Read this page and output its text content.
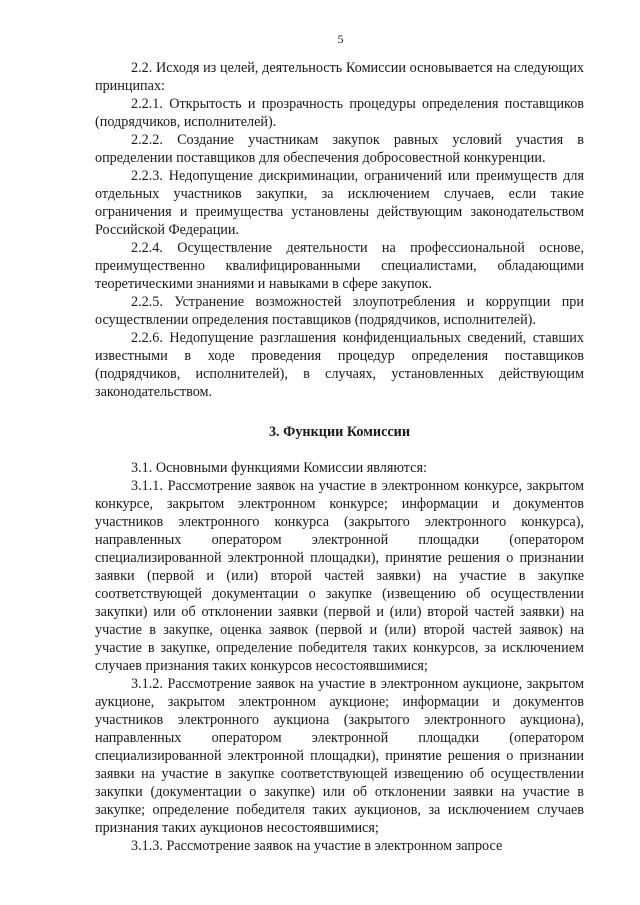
5

2.2. Исходя из целей, деятельность Комиссии основывается на следующих принципах:

2.2.1. Открытость и прозрачность процедуры определения поставщиков (подрядчиков, исполнителей).

2.2.2. Создание участникам закупок равных условий участия в определении поставщиков для обеспечения добросовестной конкуренции.

2.2.3. Недопущение дискриминации, ограничений или преимуществ для отдельных участников закупки, за исключением случаев, если такие ограничения и преимущества установлены действующим законодательством Российской Федерации.

2.2.4. Осуществление деятельности на профессиональной основе, преимущественно квалифицированными специалистами, обладающими теоретическими знаниями и навыками в сфере закупок.

2.2.5. Устранение возможностей злоупотребления и коррупции при осуществлении определения поставщиков (подрядчиков, исполнителей).

2.2.6. Недопущение разглашения конфиденциальных сведений, ставших известными в ходе проведения процедур определения поставщиков (подрядчиков, исполнителей), в случаях, установленных действующим законодательством.

3. Функции Комиссии

3.1. Основными функциями Комиссии являются:

3.1.1. Рассмотрение заявок на участие в электронном конкурсе, закрытом конкурсе, закрытом электронном конкурсе; информации и документов участников электронного конкурса (закрытого электронного конкурса), направленных оператором электронной площадки (оператором специализированной электронной площадки), принятие решения о признании заявки (первой и (или) второй частей заявки) на участие в закупке соответствующей документации о закупке (извещению об осуществлении закупки) или об отклонении заявки (первой и (или) второй частей заявки) на участие в закупке, оценка заявок (первой и (или) второй частей заявок) на участие в закупке, определение победителя таких конкурсов, за исключением случаев признания таких конкурсов несостоявшимися;

3.1.2. Рассмотрение заявок на участие в электронном аукционе, закрытом аукционе, закрытом электронном аукционе; информации и документов участников электронного аукциона (закрытого электронного аукциона), направленных оператором электронной площадки (оператором специализированной электронной площадки), принятие решения о признании заявки на участие в закупке соответствующей извещению об осуществлении закупки (документации о закупке) или об отклонении заявки на участие в закупке; определение победителя таких аукционов, за исключением случаев признания таких аукционов несостоявшимися;

3.1.3. Рассмотрение заявок на участие в электронном запросе
